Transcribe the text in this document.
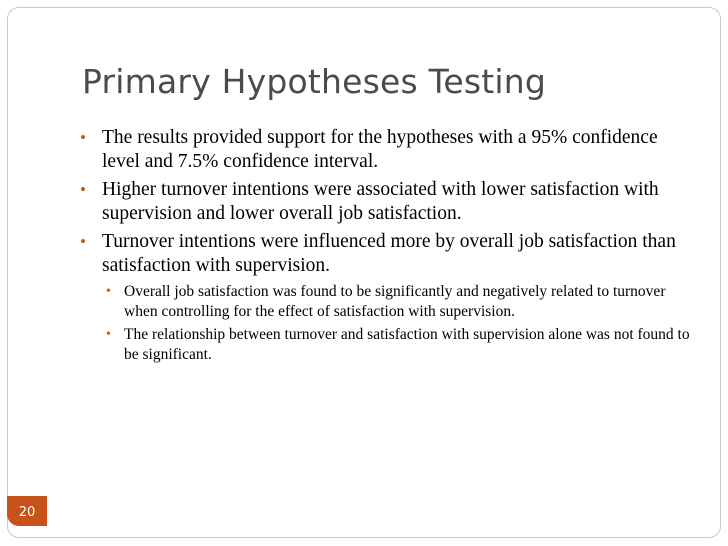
Primary Hypotheses Testing
• The results provided support for the hypotheses with a 95% confidence level and 7.5% confidence interval.
• Higher turnover intentions were associated with lower satisfaction with supervision and lower overall job satisfaction.
• Turnover intentions were influenced more by overall job satisfaction than satisfaction with supervision.
• Overall job satisfaction was found to be significantly and negatively related to turnover when controlling for the effect of satisfaction with supervision.
• The relationship between turnover and satisfaction with supervision alone was not found to be significant.
20
